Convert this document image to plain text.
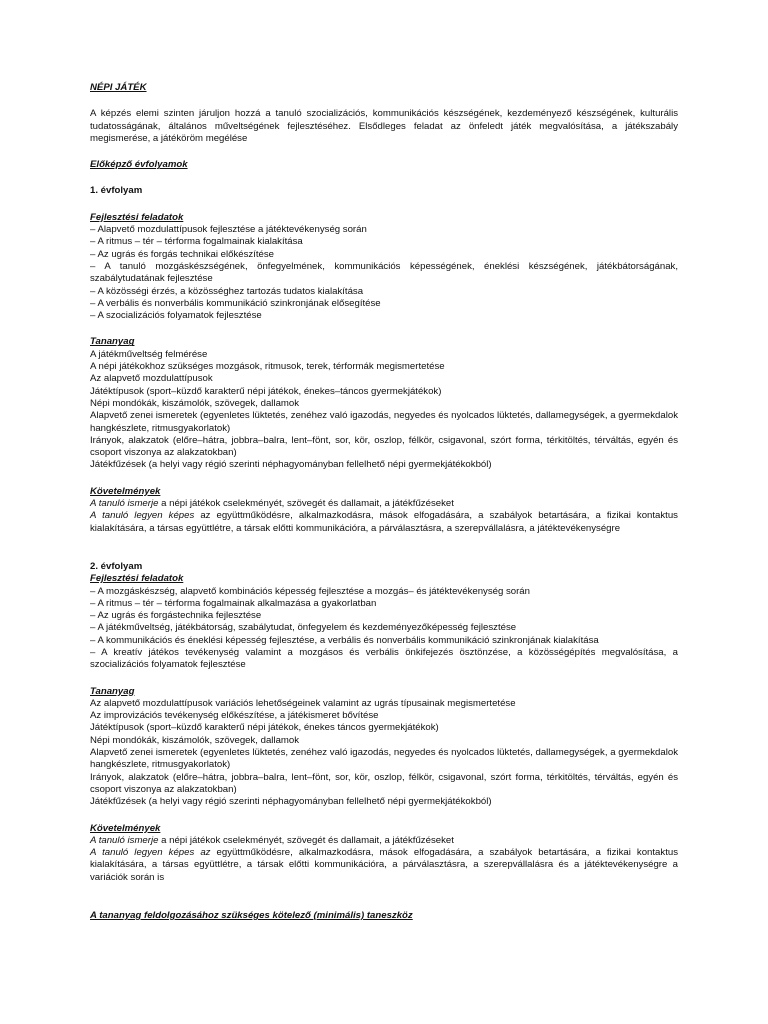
NÉPI JÁTÉK
A képzés elemi szinten járuljon hozzá a tanuló szocializációs, kommunikációs készségének, kezdeményező készségének, kulturális tudatosságának, általános műveltségének fejlesztéséhez. Elsődleges feladat az önfeledt játék megvalósítása, a játékszabály megismerése, a játéköröm megélése
Előképző évfolyamok
1. évfolyam
Fejlesztési feladatok
– Alapvető mozdulattípusok fejlesztése a játéktevékenység során
– A ritmus – tér – térforma fogalmainak kialakítása
– Az ugrás és forgás technikai előkészítése
– A tanuló mozgáskészségének, önfegyelmének, kommunikációs képességének, éneklési készségének, játékbátorságának, szabálytudatának fejlesztése
– A közösségi érzés, a közösséghez tartozás tudatos kialakítása
– A verbális és nonverbális kommunikáció szinkronjának elősegítése
– A szocializációs folyamatok fejlesztése
Tananyag
A játékműveltség felmérése
A népi játékokhoz szükséges mozgások, ritmusok, terek, térformák megismertetése
Az alapvető mozdulattípusok
Játéktípusok (sport–küzdő karakterű népi játékok, énekes–táncos gyermekjátékok)
Népi mondókák, kiszámolók, szövegek, dallamok
Alapvető zenei ismeretek (egyenletes lüktetés, zenéhez való igazodás, negyedes és nyolcados lüktetés, dallamegységek, a gyermekdalok hangkészlete, ritmusgyakorlatok)
Irányok, alakzatok (előre–hátra, jobbra–balra, lent–fönt, sor, kör, oszlop, félkör, csigavonal, szórt forma, térkitöltés, térváltás, egyén és csoport viszonya az alakzatokban)
Játékfűzések (a helyi vagy régió szerinti néphagyományban fellelhető népi gyermekjátékokból)
Követelmények
A tanuló ismerje a népi játékok cselekményét, szövegét és dallamait, a játékfűzéseket
A tanuló legyen képes az együttműködésre, alkalmazkodásra, mások elfogadására, a szabályok betartására, a fizikai kontaktus kialakítására, a társas együttlétre, a társak előtti kommunikációra, a párválasztásra, a szerepvállalásra, a játéktevékenységre
2. évfolyam
Fejlesztési feladatok
– A mozgáskészség, alapvető kombinációs képesség fejlesztése a mozgás– és játéktevékenység során
– A ritmus – tér – térforma fogalmainak alkalmazása a gyakorlatban
– Az ugrás és forgástechnika fejlesztése
– A játékműveltség, játékbátorság, szabálytudat, önfegyelem és kezdeményezőképesség fejlesztése
– A kommunikációs és éneklési képesség fejlesztése, a verbális és nonverbális kommunikáció szinkronjának kialakítása
– A kreatív játékos tevékenység valamint a mozgásos és verbális önkifejezés ösztönzése, a közösségépítés megvalósítása, a szocializációs folyamatok fejlesztése
Tananyag
Az alapvető mozdulattípusok variációs lehetőségeinek valamint az ugrás típusainak megismertetése
Az improvizációs tevékenység előkészítése, a játékismeret bővítése
Játéktípusok (sport–küzdő karakterű népi játékok, énekes táncos gyermekjátékok)
Népi mondókák, kiszámolók, szövegek, dallamok
Alapvető zenei ismeretek (egyenletes lüktetés, zenéhez való igazodás, negyedes és nyolcados lüktetés, dallamegységek, a gyermekdalok hangkészlete, ritmusgyakorlatok)
Irányok, alakzatok (előre–hátra, jobbra–balra, lent–fönt, sor, kör, oszlop, félkör, csigavonal, szórt forma, térkitöltés, térváltás, egyén és csoport viszonya az alakzatokban)
Játékfűzések (a helyi vagy régió szerinti néphagyományban fellelhető népi gyermekjátékokból)
Követelmények
A tanuló ismerje a népi játékok cselekményét, szövegét és dallamait, a játékfűzéseket
A tanuló legyen képes az együttműködésre, alkalmazkodásra, mások elfogadására, a szabályok betartására, a fizikai kontaktus kialakítására, a társas együttlétre, a társak előtti kommunikációra, a párválasztásra, a szerepvállalásra és a játéktevékenységre a variációk során is
A tananyag feldolgozásához szükséges kötelező (minimális) taneszköz
